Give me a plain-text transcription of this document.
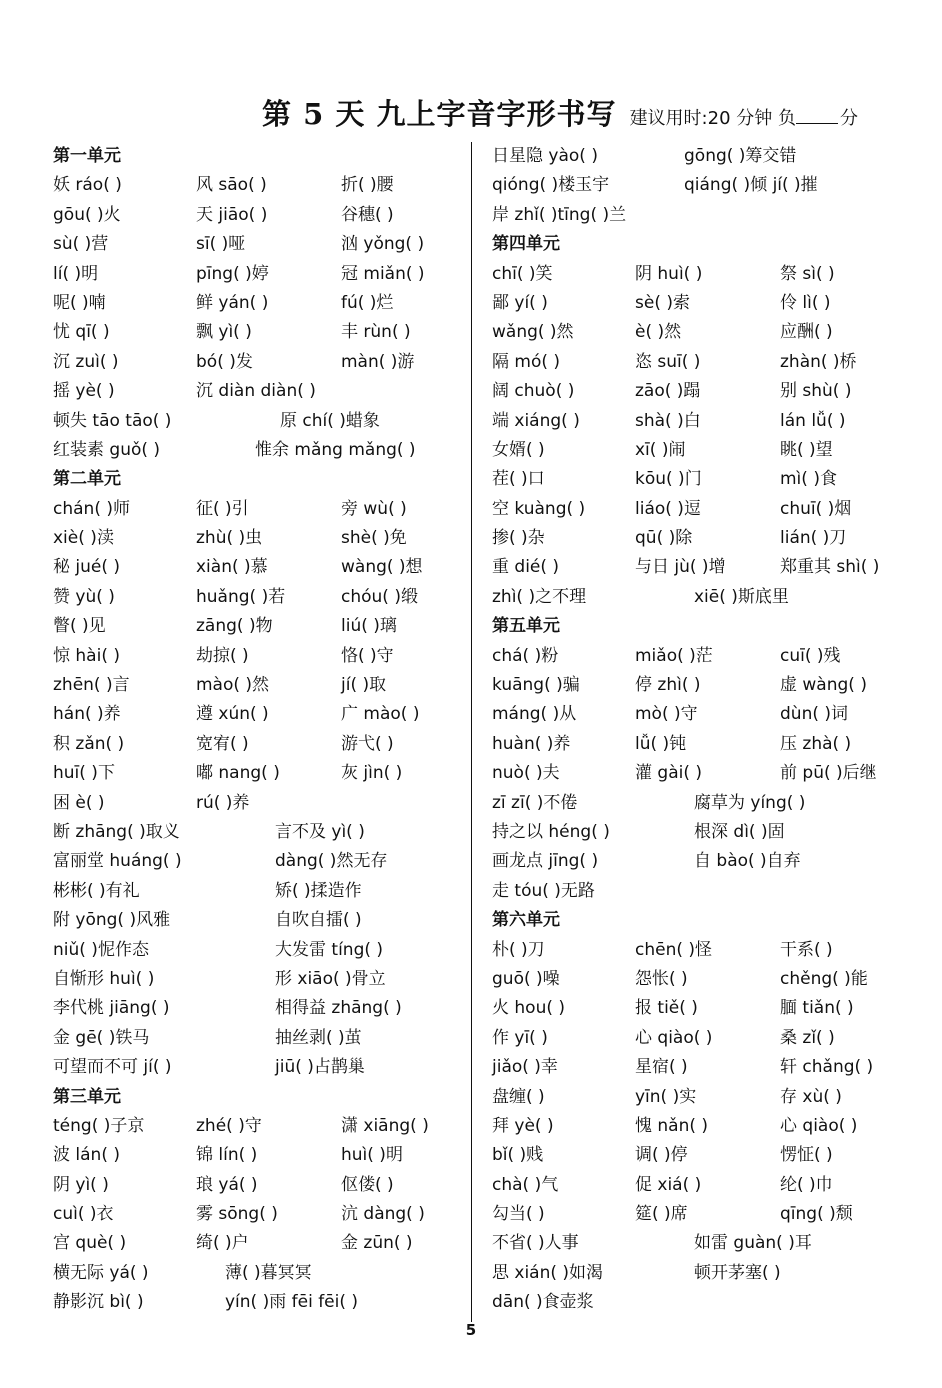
第 5 天 九上字音字形书写 建议用时:20 分钟 负 分
第一单元
妖 ráo( )	风 sāo( )	折( )腰
gōu( )火	天 jiāo( )	谷穗( )
sù( )营	sī( )哑	汹 yǒng( )
lí( )明	pīng( )婷	冠 miǎn( )
呢( )喃	鲜 yán( )	fú( )烂
忧 qī( )	飘 yì( )	丰 rùn( )
沉 zuì( )	bó( )发	màn( )游
摇 yè( )	沉 diàn diàn( )
顿失 tāo tāo( )	原 chí( )蜡象
红装素 guǒ( )	惟余 mǎng mǎng( )
第二单元
chán( )师	征( )引	旁 wù( )
xiè( )渎	zhù( )虫	shè( )免
秘 jué( )	xiàn( )慕	wàng( )想
赞 yù( )	huǎng( )若	chóu( )缎
瞥( )见	zāng( )物	liú( )璃
惊 hài( )	劫掠( )	恪( )守
zhēn( )言	mào( )然	jí( )取
hán( )养	遵 xún( )	广 mào( )
积 zǎn( )	宽宥( )	游弋( )
huī( )下	嘟 nang( )	灰 jìn( )
困 è( )	rú( )养
断 zhāng( )取义	言不及 yì( )
富丽堂 huáng( )	dàng( )然无存
彬彬( )有礼	矫( )揉造作
附 yōng( )风雅	自吹自擂( )
niǔ( )怩作态	大发雷 tíng( )
自惭形 huì( )	形 xiāo( )骨立
李代桃 jiāng( )	相得益 zhāng( )
金 gē( )铁马	抽丝剥( )茧
可望而不可 jí( )	jiū( )占鹊巢
第三单元
téng( )子京	zhé( )守	潇 xiāng( )
波 lán( )	锦 lín( )	huì( )明
阴 yì( )	琅 yá( )	伛偻( )
cuì( )衣	雾 sōng( )	沆 dàng( )
宫 què( )	绮( )户	金 zūn( )
横无际 yá( )	薄( )暮冥冥
静影沉 bì( )	yín( )雨 fēi fēi( )
日星隐 yào( )	gōng( )筹交错
qióng( )楼玉宇	qiáng( )倾 jí( )摧
岸 zhǐ( )tīng( )兰
第四单元
chī( )笑	阴 huì( )	祭 sì( )
鄙 yí( )	sè( )索	伶 lì( )
wǎng( )然	è( )然	应酬( )
隔 mó( )	恣 suī( )	zhàn( )桥
阔 chuò( )	zāo( )蹋	别 shù( )
端 xiáng( )	shà( )白	lán lǚ( )
女婿( )	xī( )闹	眺( )望
茬( )口	kōu( )门	mì( )食
空 kuàng( )	liáo( )逗	chuī( )烟
掺( )杂	qū( )除	lián( )刀
重 dié( )	与日 jù( )增	郑重其 shì( )
zhì( )之不理	xiē( )斯底里
第五单元
chá( )粉	miǎo( )茫	cuī( )残
kuāng( )骗	停 zhì( )	虚 wàng( )
máng( )从	mò( )守	dùn( )词
huàn( )养	lǚ( )钝	压 zhà( )
nuò( )夫	灌 gài( )	前 pū( )后继
zī zī( )不倦	腐草为 yíng( )
持之以 héng( )	根深 dì( )固
画龙点 jīng( )	自 bào( )自弃
走 tóu( )无路
第六单元
朴( )刀	chēn( )怪	干系( )
guō( )噪	怨怅( )	chěng( )能
火 hou( )	报 tiě( )	腼 tiǎn( )
作 yī( )	心 qiào( )	桑 zǐ( )
jiǎo( )幸	星宿( )	轩 chǎng( )
盘缠( )	yīn( )实	存 xù( )
拜 yè( )	愧 nǎn( )	心 qiào( )
bǐ( )贱	调( )停	愣怔( )
chà( )气	促 xiá( )	纶( )巾
勾当( )	筵( )席	qīng( )颓
不省( )人事	如雷 guàn( )耳
思 xián( )如渴	顿开茅塞( )
dān( )食壶浆
5
